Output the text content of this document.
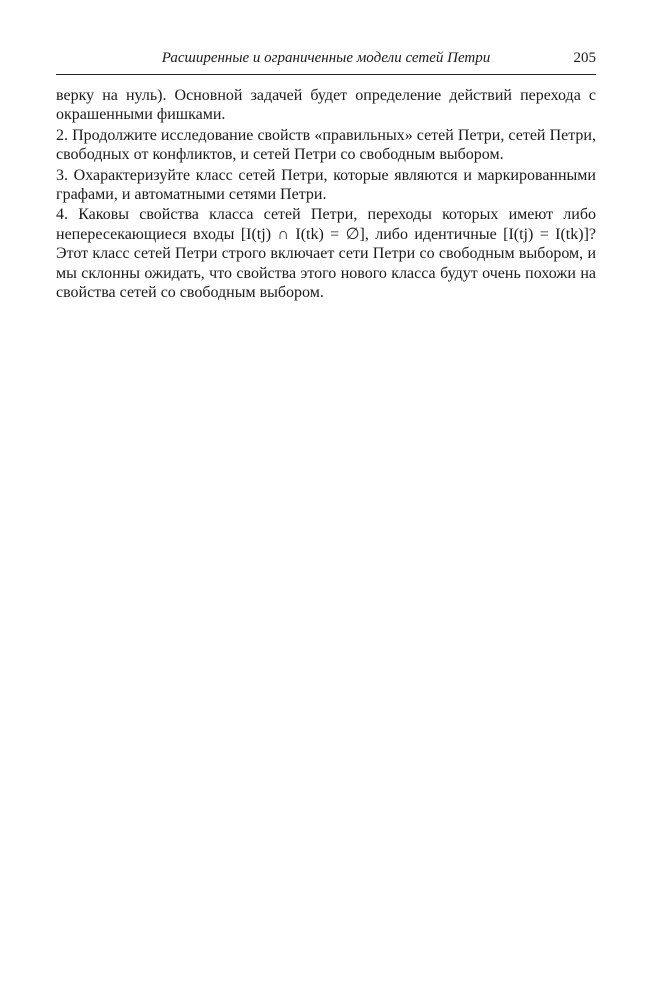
Расширенные и ограниченные модели сетей Петри	205

верку на нуль). Основной задачей будет определение действий перехода с окрашенными фишками.

2. Продолжите исследование свойств «правильных» сетей Петри, сетей Петри, свободных от конфликтов, и сетей Петри со свободным выбором.

3. Охарактеризуйте класс сетей Петри, которые являются и маркированными графами, и автоматными сетями Петри.

4. Каковы свойства класса сетей Петри, переходы которых имеют либо непересекающиеся входы [I(tj) ∩ I(tk) = ∅], либо идентичные [I(tj) = I(tk)]? Этот класс сетей Петри строго включает сети Петри со свободным выбором, и мы склонны ожидать, что свойства этого нового класса будут очень похожи на свойства сетей со свободным выбором.
